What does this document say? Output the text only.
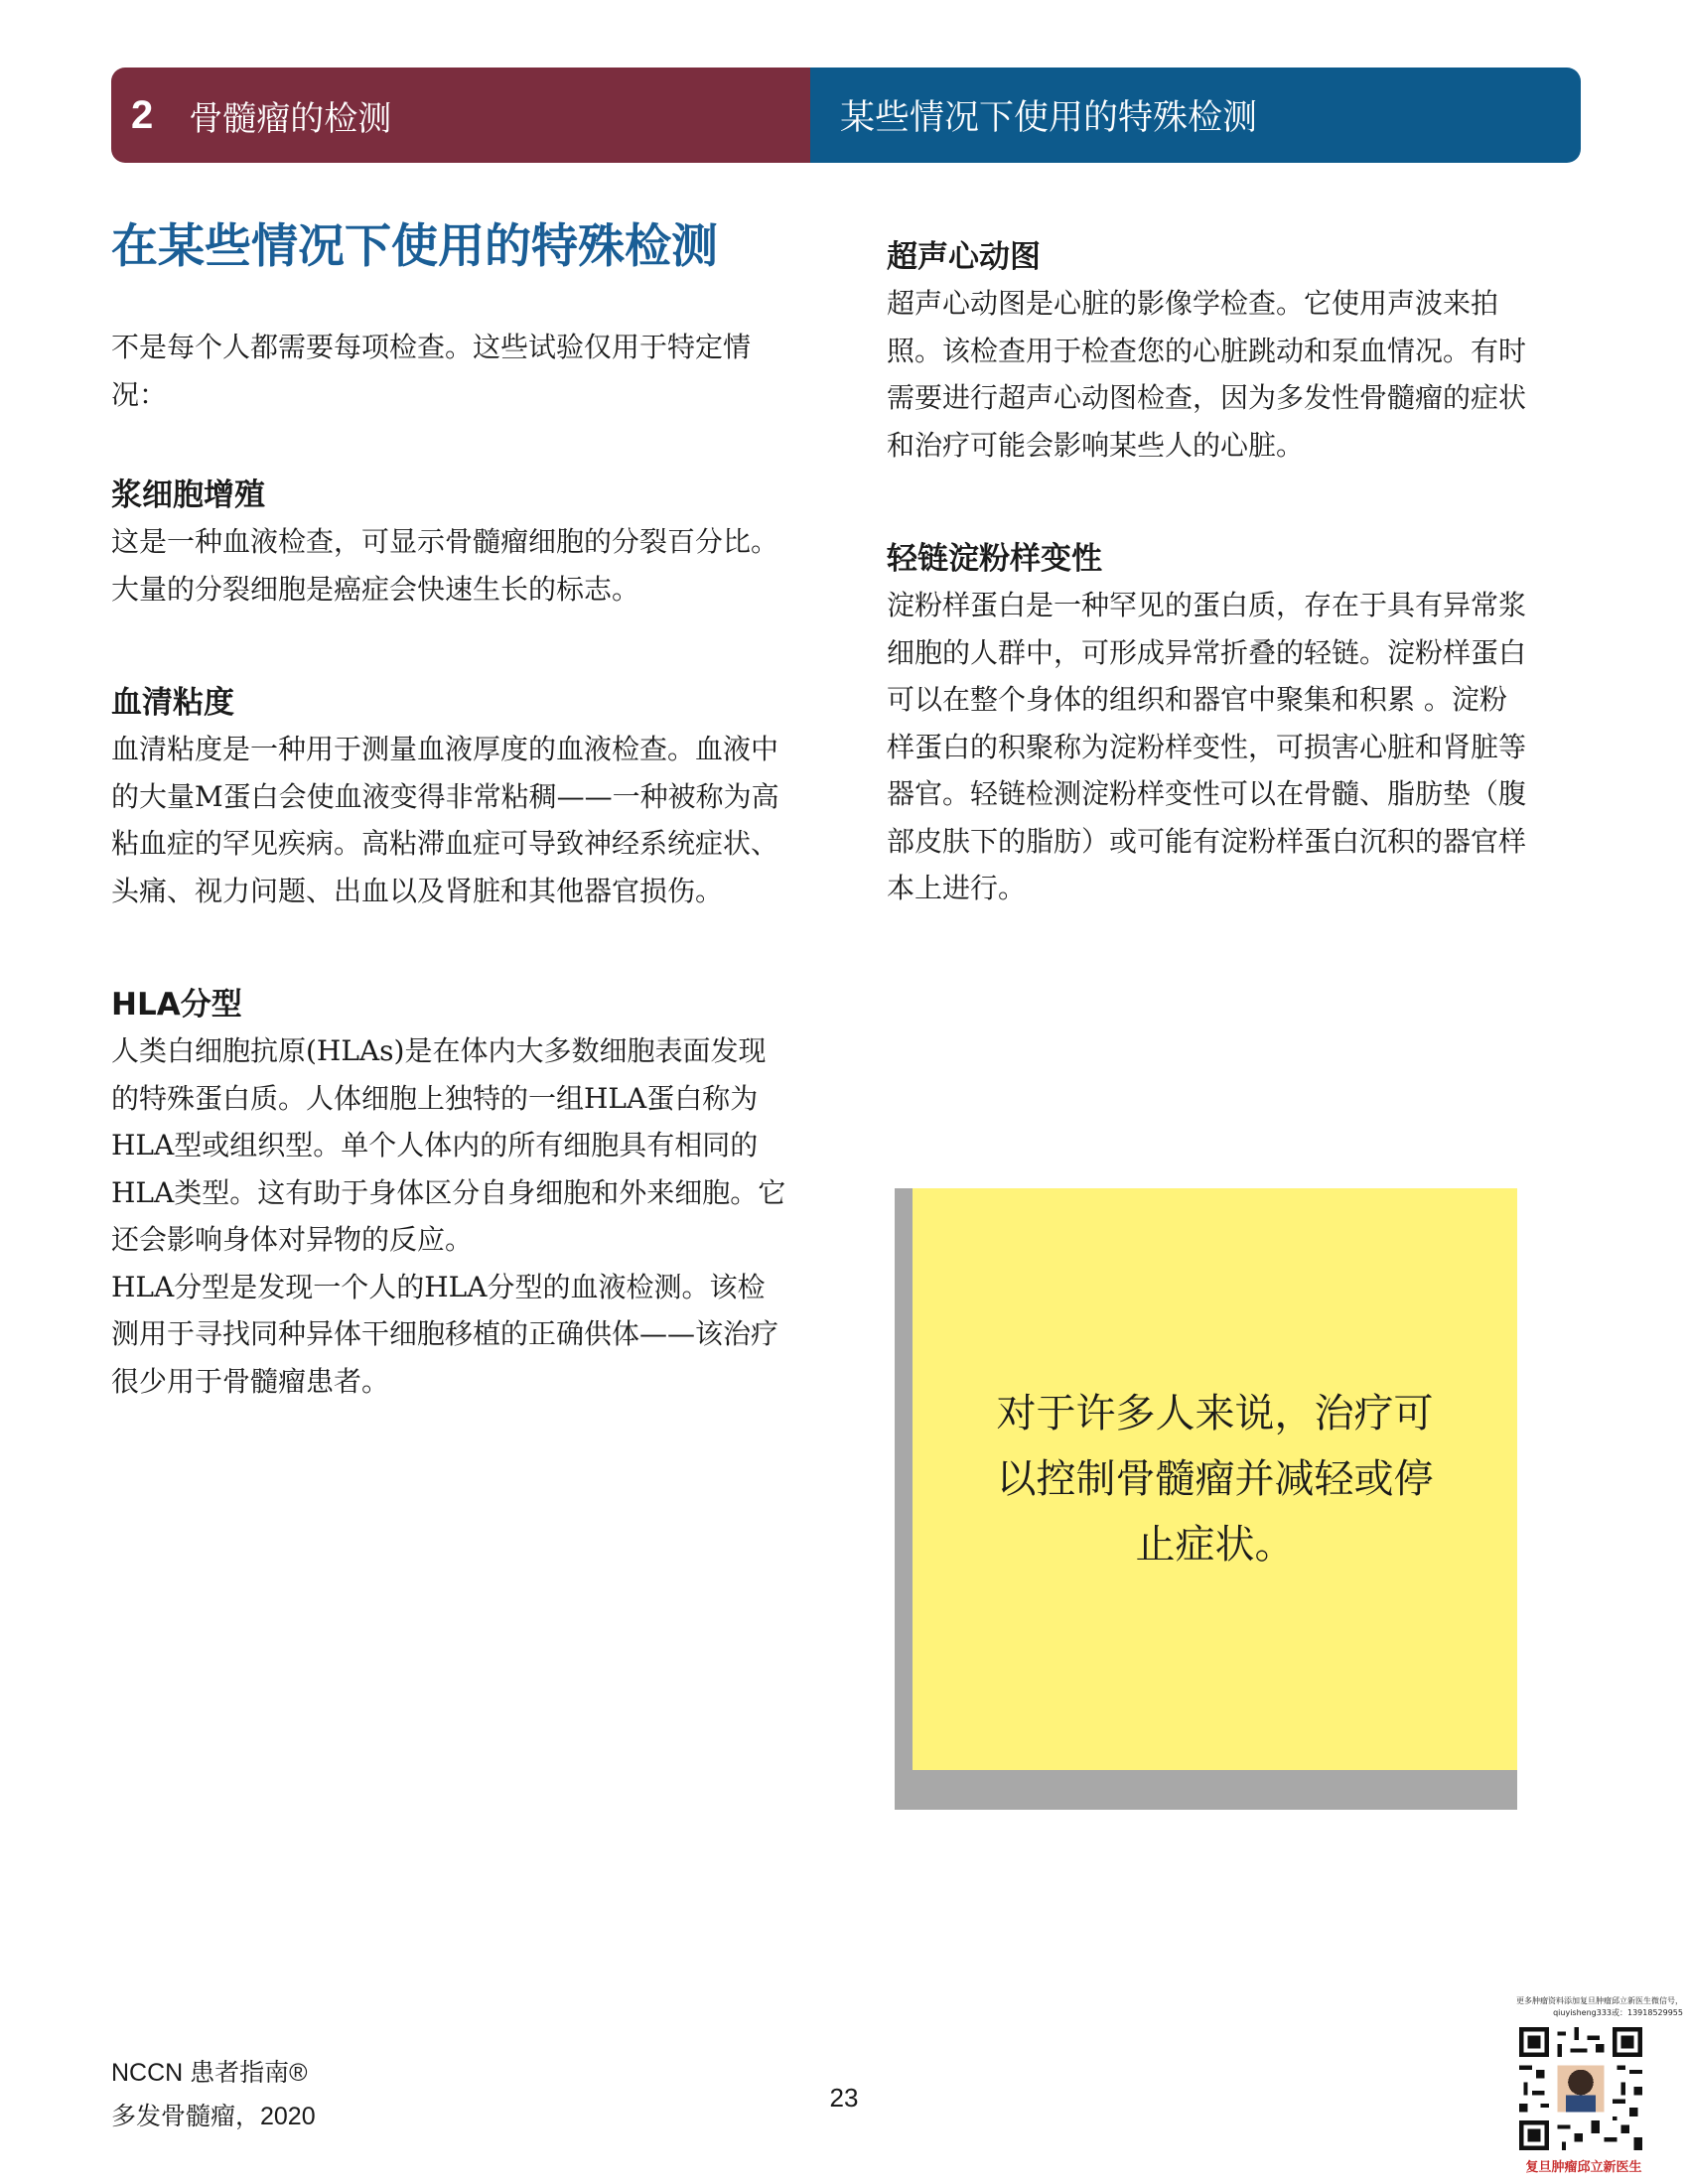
2 骨髓瘤的检测	某些情况下使用的特殊检测
在某些情况下使用的特殊检测

不是每个人都需要每项检查。这些试验仅用于特定情况：

浆细胞增殖

这是一种血液检查，可显示骨髓瘤细胞的分裂百分比。大量的分裂细胞是癌症会快速生长的标志。

血清粘度

血清粘度是一种用于测量血液厚度的血液检查。血液中的大量M蛋白会使血液变得非常粘稠——一种被称为高粘血症的罕见疾病。高粘滞血症可导致神经系统症状、头痛、视力问题、出血以及肾脏和其他器官损伤。

HLA分型

人类白细胞抗原(HLAs)是在体内大多数细胞表面发现的特殊蛋白质。人体细胞上独特的一组HLA蛋白称为HLA型或组织型。单个人体内的所有细胞具有相同的HLA类型。这有助于身体区分自身细胞和外来细胞。它还会影响身体对异物的反应。

HLA分型是发现一个人的HLA分型的血液检测。该检测用于寻找同种异体干细胞移植的正确供体——该治疗很少用于骨髓瘤患者。

超声心动图

超声心动图是心脏的影像学检查。它使用声波来拍照。该检查用于检查您的心脏跳动和泵血情况。有时需要进行超声心动图检查，因为多发性骨髓瘤的症状和治疗可能会影响某些人的心脏。

轻链淀粉样变性

淀粉样蛋白是一种罕见的蛋白质，存在于具有异常浆细胞的人群中，可形成异常折叠的轻链。淀粉样蛋白可以在整个身体的组织和器官中聚集和积累 。淀粉样蛋白的积聚称为淀粉样变性，可损害心脏和肾脏等器官。轻链检测淀粉样变性可以在骨髓、脂肪垫（腹部皮肤下的脂肪）或可能有淀粉样蛋白沉积的器官样本上进行。

对于许多人来说，治疗可以控制骨髓瘤并减轻或停止症状。
NCCN 患者指南®
多发骨髓瘤，2020
23
更多肿瘤资料添加复旦肿瘤邱立新医生微信号，
qiuyisheng333或：13918529955
复旦肿瘤邱立新医生
